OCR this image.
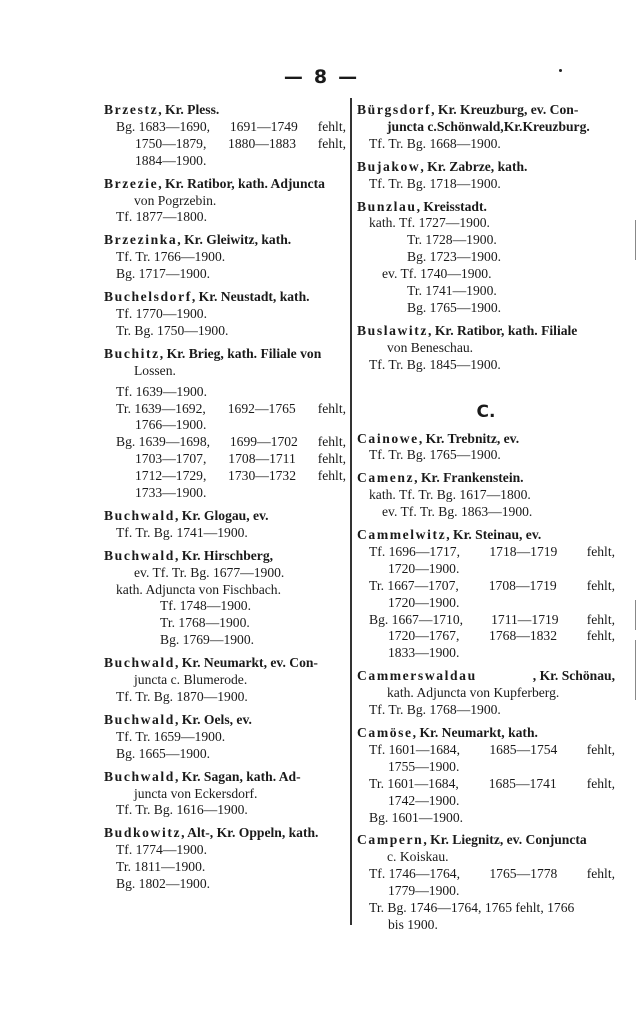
— 8 —
Brzestz, Kr. Pless.
Bg. 1683—1690, 1691—1749 fehlt,
1750—1879, 1880—1883 fehlt,
1884—1900.
Brzezie, Kr. Ratibor, kath. Adjuncta
von Pogrzebin.
Tf. 1877—1800.
Brzezinka, Kr. Gleiwitz, kath.
Tf. Tr. 1766—1900.
Bg. 1717—1900.
Buchelsdorf, Kr. Neustadt, kath.
Tf. 1770—1900.
Tr. Bg. 1750—1900.
Buchitz, Kr. Brieg, kath. Filiale von
Lossen.
Tf. 1639—1900.
Tr. 1639—1692, 1692—1765 fehlt,
1766—1900.
Bg. 1639—1698, 1699—1702 fehlt,
1703—1707, 1708—1711 fehlt,
1712—1729, 1730—1732 fehlt,
1733—1900.
Buchwald, Kr. Glogau, ev.
Tf. Tr. Bg. 1741—1900.
Buchwald, Kr. Hirschberg,
ev. Tf. Tr. Bg. 1677—1900.
kath. Adjuncta von Fischbach.
Tf. 1748—1900.
Tr. 1768—1900.
Bg. 1769—1900.
Buchwald, Kr. Neumarkt, ev. Con-
juncta c. Blumerode.
Tf. Tr. Bg. 1870—1900.
Buchwald, Kr. Oels, ev.
Tf. Tr. 1659—1900.
Bg. 1665—1900.
Buchwald , Kr. Sagan, kath. Ad-
juncta von Eckersdorf.
Tf. Tr. Bg. 1616—1900.
Budkowitz, Alt-, Kr. Oppeln, kath.
Tf. 1774—1900.
Tr. 1811—1900.
Bg. 1802—1900.
Bürgsdorf, Kr. Kreuzburg, ev. Con-
juncta c.Schönwald,Kr.Kreuzburg.
Tf. Tr. Bg. 1668—1900.
Bujakow, Kr. Zabrze, kath.
Tf. Tr. Bg. 1718—1900.
Bunzlau, Kreisstadt.
kath. Tf. 1727—1900.
Tr. 1728—1900.
Bg. 1723—1900.
ev. Tf. 1740—1900.
Tr. 1741—1900.
Bg. 1765—1900.
Buslawitz, Kr. Ratibor, kath. Filiale
von Beneschau.
Tf. Tr. Bg. 1845—1900.
C.
Cainowe, Kr. Trebnitz, ev.
Tf. Tr. Bg. 1765—1900.
Camenz, Kr. Frankenstein.
kath. Tf. Tr. Bg. 1617—1800.
ev. Tf. Tr. Bg. 1863—1900.
Cammelwitz, Kr. Steinau, ev.
Tf. 1696—1717, 1718—1719 fehlt,
1720—1900.
Tr. 1667—1707, 1708—1719 fehlt,
1720—1900.
Bg. 1667—1710, 1711—1719 fehlt,
1720—1767, 1768—1832 fehlt,
1833—1900.
Cammerswaldau	, Kr. Schönau,
kath. Adjuncta von Kupferberg.
Tf. Tr. Bg. 1768—1900.
Camöse, Kr. Neumarkt, kath.
Tf. 1601—1684, 1685—1754 fehlt,
1755—1900.
Tr. 1601—1684, 1685—1741 fehlt,
1742—1900.
Bg. 1601—1900.
Campern, Kr. Liegnitz, ev. Conjuncta
c. Koiskau.
Tf. 1746—1764, 1765—1778 fehlt,
1779—1900.
Tr. Bg. 1746—1764, 1765 fehlt, 1766
bis 1900.
